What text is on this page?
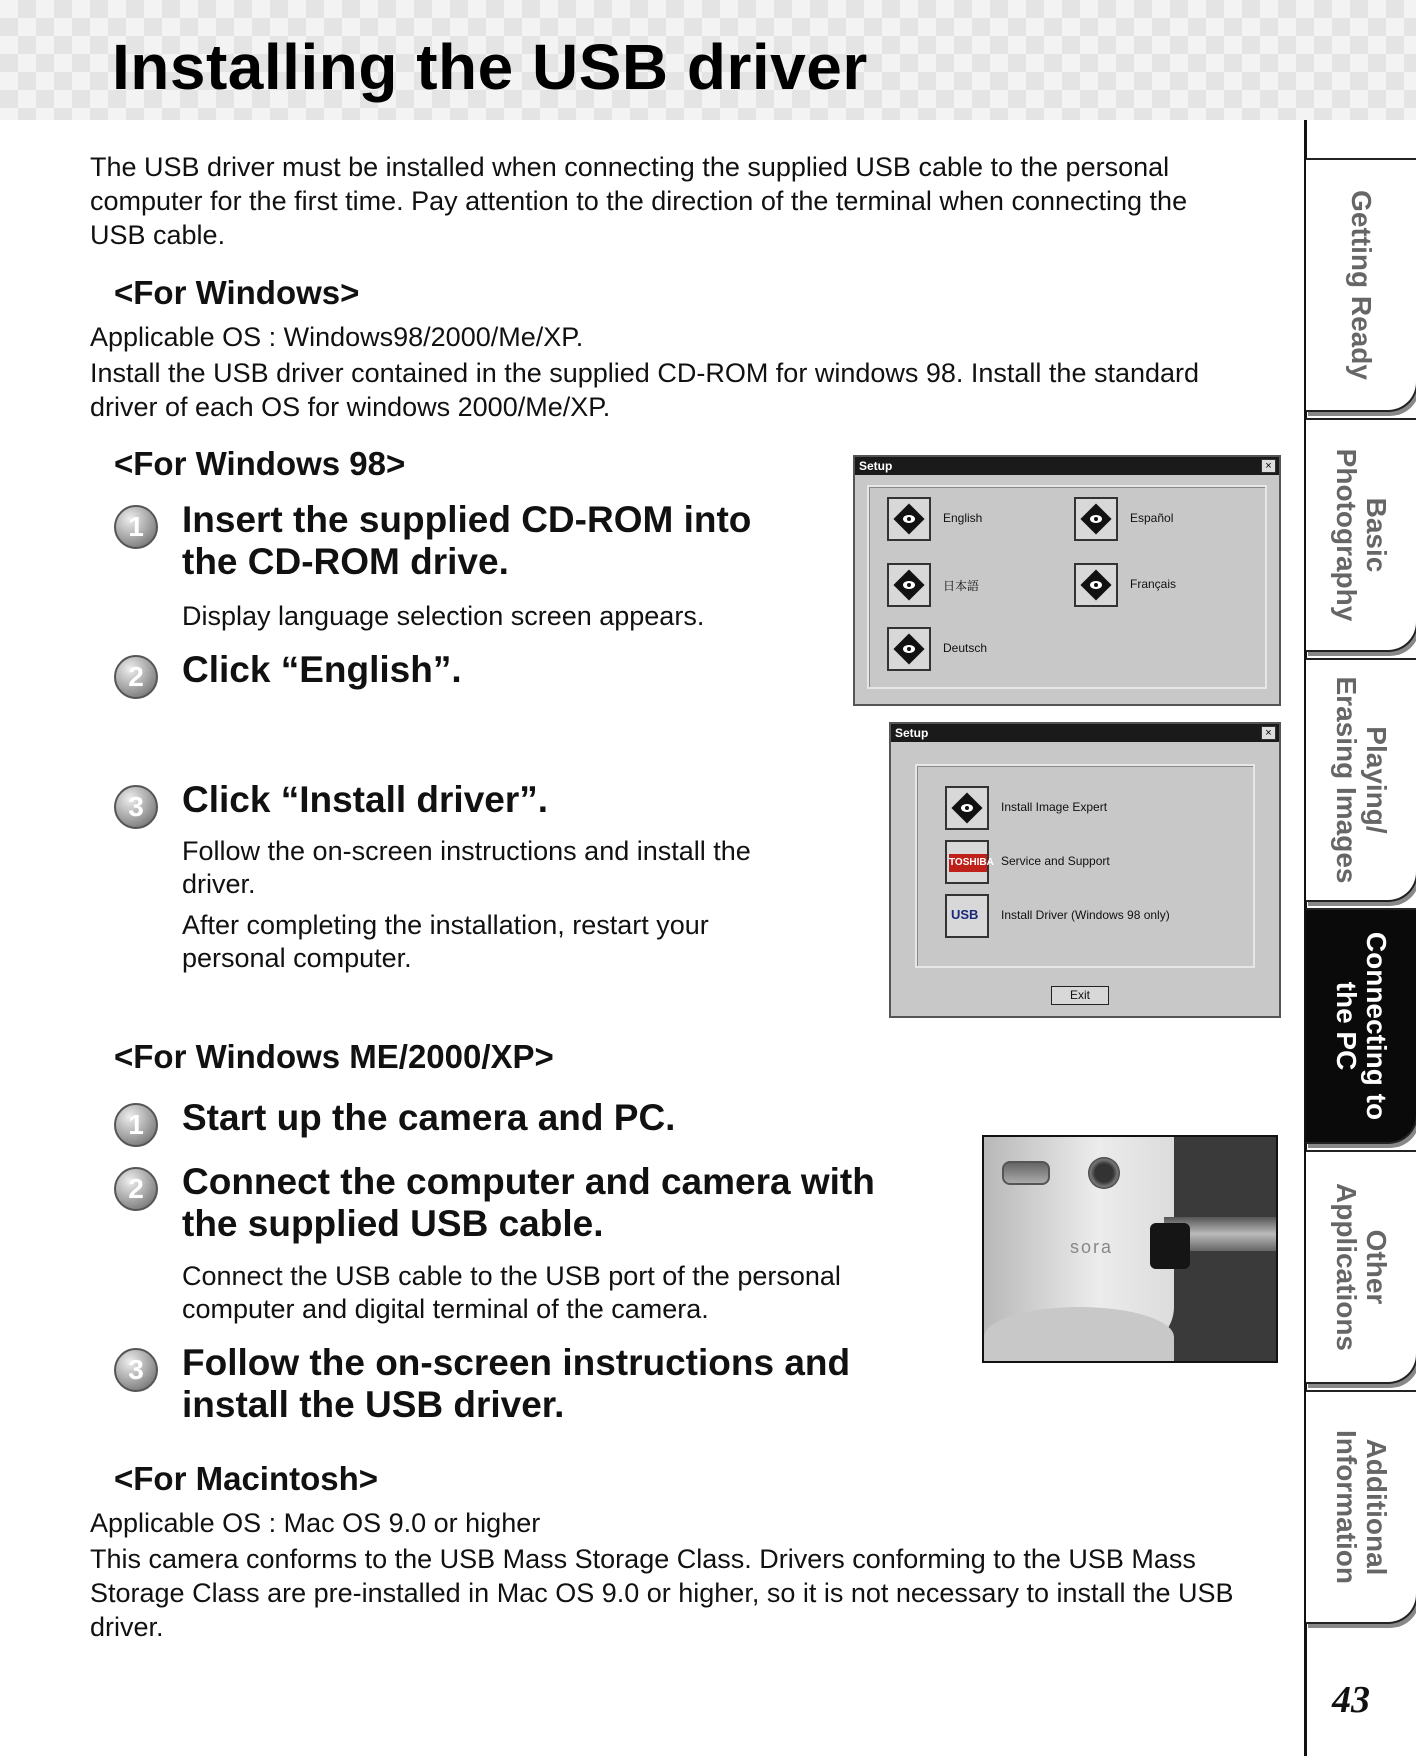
Installing the USB driver

The USB driver must be installed when connecting the supplied USB cable to the personal computer for the first time. Pay attention to the direction of the terminal when connecting the USB cable.

<For Windows>

Applicable OS : Windows98/2000/Me/XP.

Install the USB driver contained in the supplied CD-ROM for windows 98. Install the standard driver of each OS for windows 2000/Me/XP.

<For Windows 98>
1	Insert the supplied CD-ROM into
the CD-ROM drive.

Display language selection screen appears.

2	Click “English”.
3	Click “Install driver”.
Follow the on-screen instructions and install the
driver.
After completing the installation, restart your
personal computer.
Setup	×
English	Español
日本語	Français
Deutsch
Setup	×
Install Image Expert
TOSHIBA Service and Support
USB Install Driver (Windows 98 only)
Exit
<For Windows ME/2000/XP>
1	Start up the camera and PC.
2	Connect the computer and camera with
the supplied USB cable.
Connect the USB cable to the USB port of the personal
computer and digital terminal of the camera.
3	Follow the on-screen instructions and
install the USB driver.
sora
<For Macintosh>

Applicable OS : Mac OS 9.0 or higher

This camera conforms to the USB Mass Storage Class. Drivers conforming to the USB Mass Storage Class are pre-installed in Mac OS 9.0 or higher, so it is not necessary to install the USB driver.

Getting Ready
Basic
Photography
Playing/
Erasing Images
Connecting to
the PC
Other
Applications
Additional
Information
43
